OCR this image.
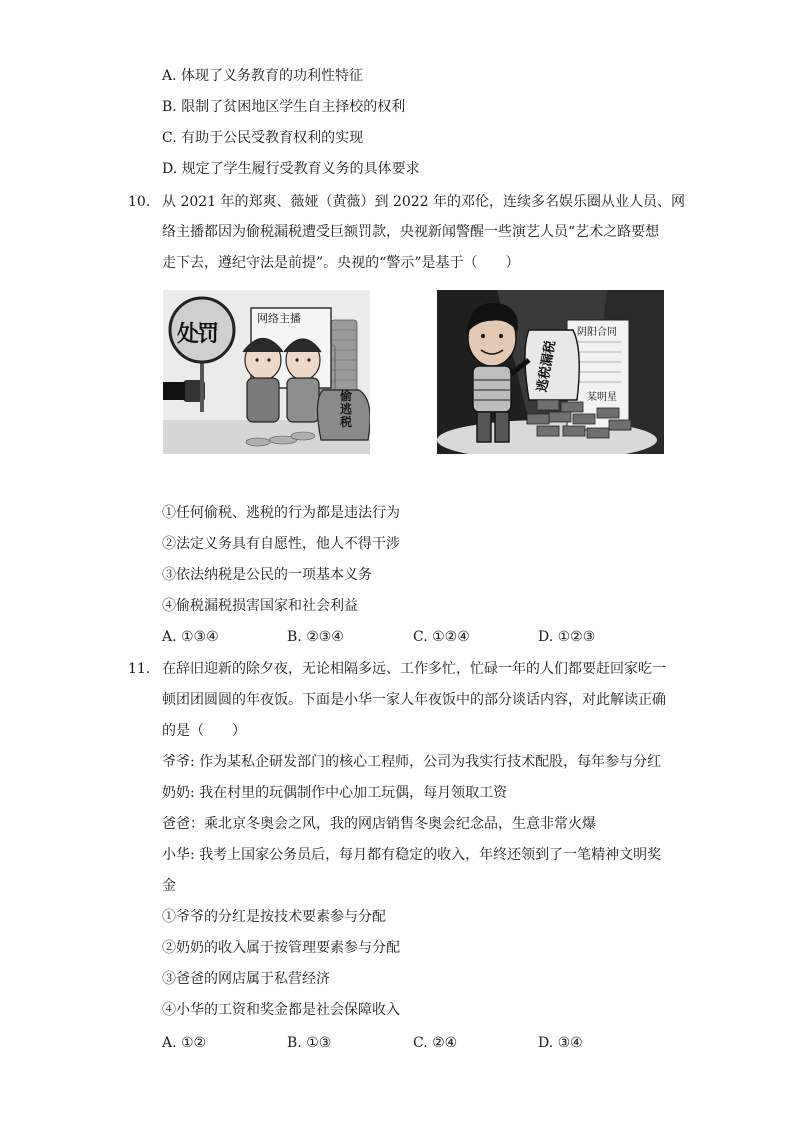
A. 体现了义务教育的功利性特征
B. 限制了贫困地区学生自主择校的权利
C. 有助于公民受教育权利的实现
D. 规定了学生履行受教育义务的具体要求
10. 从 2021 年的郑爽、薇娅（黄薇）到 2022 年的邓伦，连续多名娱乐圈从业人员、网
络主播都因为偷税漏税遭受巨额罚款，央视新闻警醒一些演艺人员“艺术之路要想
走下去，遵纪守法是前提”。央视的“警示”是基于（　　）
处罚
网络主播
偷
逃
税
逃税漏税
阴阳合同
某明星
①任何偷税、逃税的行为都是违法行为
②法定义务具有自愿性，他人不得干涉
③依法纳税是公民的一项基本义务
④偷税漏税损害国家和社会利益
A. ①③④	B. ②③④	C. ①②④	D. ①②③
11. 在辞旧迎新的除夕夜，无论相隔多远、工作多忙，忙碌一年的人们都要赶回家吃一
顿团团圆圆的年夜饭。下面是小华一家人年夜饭中的部分谈话内容，对此解读正确
的是（　　）
爷爷: 作为某私企研发部门的核心工程师，公司为我实行技术配股，每年参与分红
奶奶: 我在村里的玩偶制作中心加工玩偶，每月领取工资
爸爸：乘北京冬奥会之风，我的网店销售冬奥会纪念品，生意非常火爆
小华: 我考上国家公务员后，每月都有稳定的收入，年终还领到了一笔精神文明奖
金
①爷爷的分红是按技术要素参与分配
②奶奶的收入属于按管理要素参与分配
③爸爸的网店属于私营经济
④小华的工资和奖金都是社会保障收入
A. ①②	B. ①③	C. ②④	D. ③④
